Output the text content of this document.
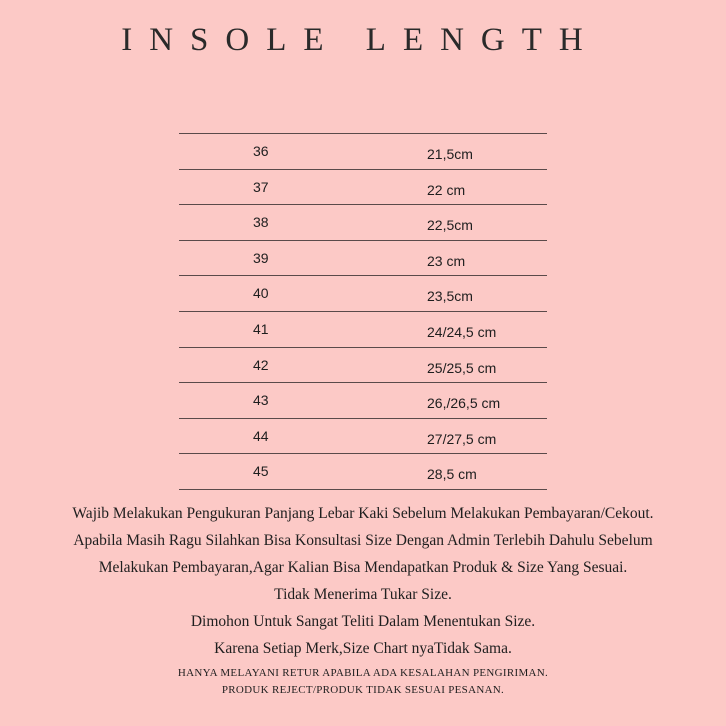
INSOLE LENGTH
36	21,5cm
37	22 cm
38	22,5cm
39	23 cm
40	23,5cm
41	24/24,5 cm
42	25/25,5 cm
43	26,/26,5 cm
44	27/27,5 cm
45	28,5 cm
Wajib Melakukan Pengukuran Panjang Lebar Kaki Sebelum Melakukan Pembayaran/Cekout.
Apabila Masih Ragu Silahkan Bisa Konsultasi Size Dengan Admin Terlebih Dahulu Sebelum
Melakukan Pembayaran,Agar Kalian Bisa Mendapatkan Produk & Size Yang Sesuai.
Tidak Menerima Tukar Size.
Dimohon Untuk Sangat Teliti Dalam Menentukan Size.
Karena Setiap Merk,Size Chart nyaTidak Sama.
HANYA MELAYANI RETUR APABILA ADA KESALAHAN PENGIRIMAN.
PRODUK REJECT/PRODUK TIDAK SESUAI PESANAN.
